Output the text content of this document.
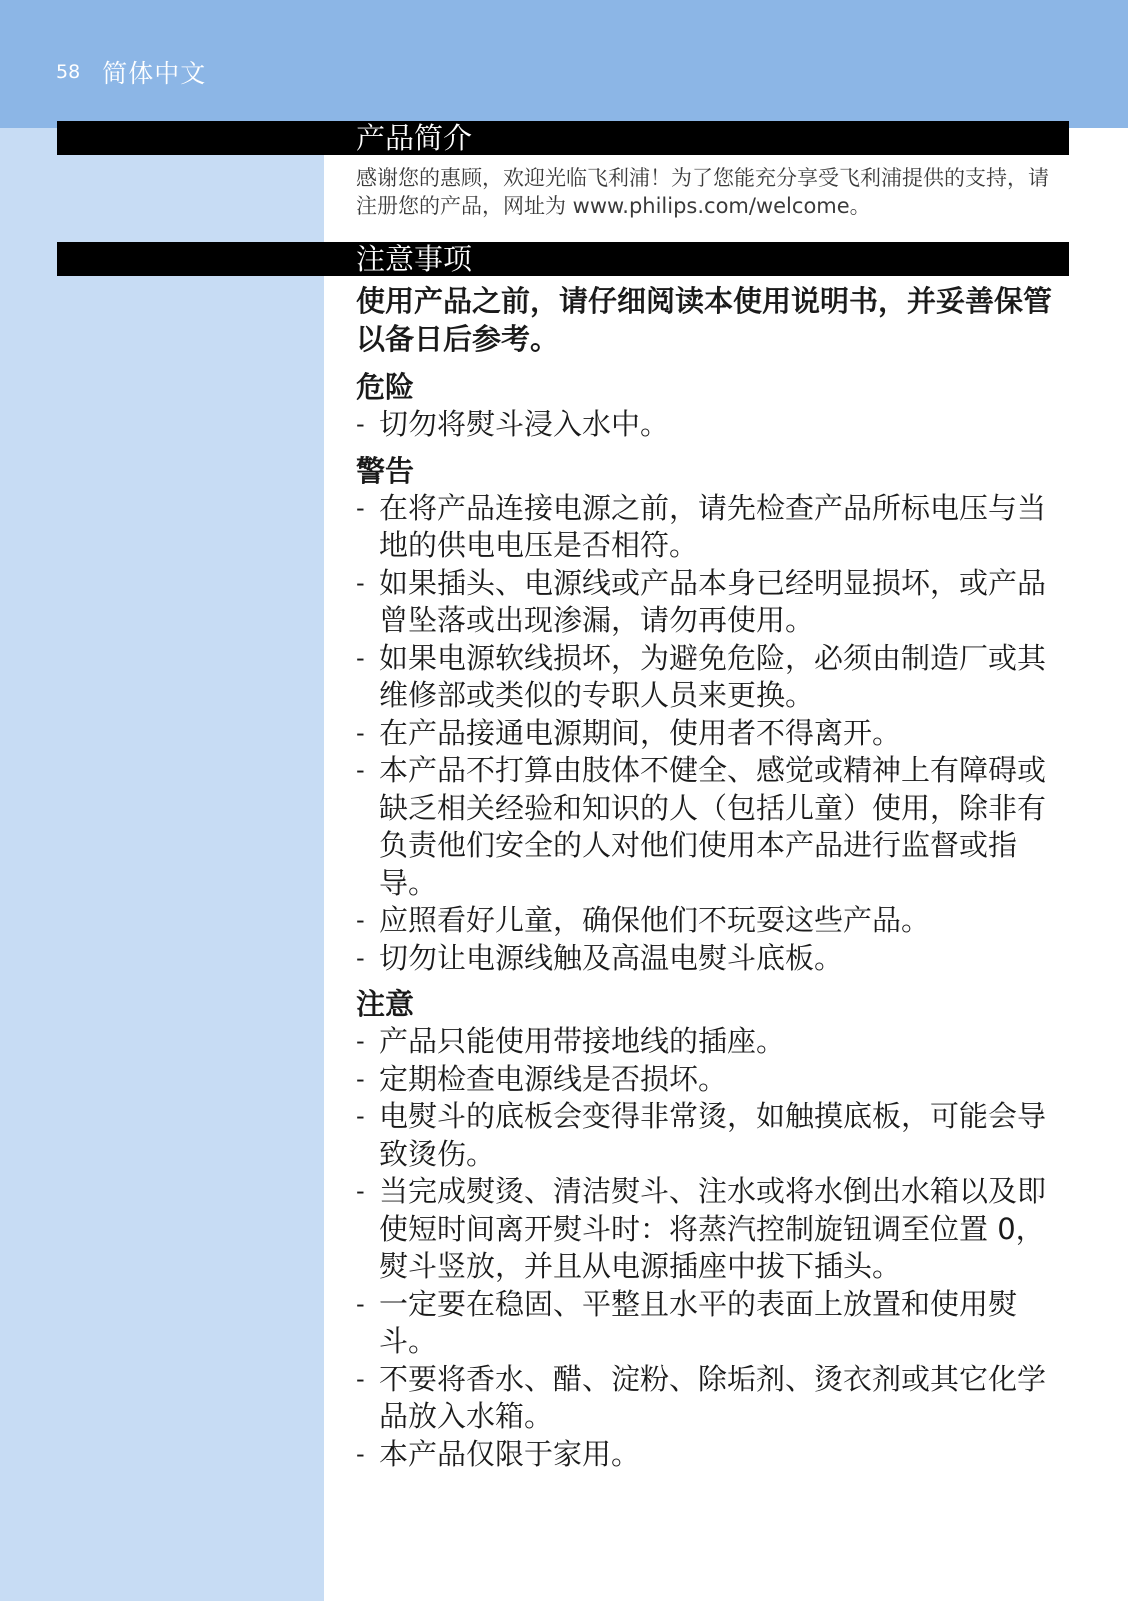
58 简体中文
产品简介
感谢您的惠顾，欢迎光临飞利浦！为了您能充分享受飞利浦提供的支持，请注册您的产品，网址为 www.philips.com/welcome。
注意事项

使用产品之前，请仔细阅读本使用说明书，并妥善保管以备日后参考。

危险

- 切勿将熨斗浸入水中。

警告

- 在将产品连接电源之前，请先检查产品所标电压与当地的供电电压是否相符。
- 如果插头、电源线或产品本身已经明显损坏，或产品曾坠落或出现渗漏，请勿再使用。
- 如果电源软线损坏，为避免危险，必须由制造厂或其维修部或类似的专职人员来更换。
- 在产品接通电源期间，使用者不得离开。
- 本产品不打算由肢体不健全、感觉或精神上有障碍或缺乏相关经验和知识的人（包括儿童）使用，除非有负责他们安全的人对他们使用本产品进行监督或指导。
- 应照看好儿童，确保他们不玩耍这些产品。
- 切勿让电源线触及高温电熨斗底板。

注意

- 产品只能使用带接地线的插座。
- 定期检查电源线是否损坏。
- 电熨斗的底板会变得非常烫，如触摸底板，可能会导致烫伤。
- 当完成熨烫、清洁熨斗、注水或将水倒出水箱以及即使短时间离开熨斗时：将蒸汽控制旋钮调至位置 0，熨斗竖放，并且从电源插座中拔下插头。
- 一定要在稳固、平整且水平的表面上放置和使用熨斗。
- 不要将香水、醋、淀粉、除垢剂、烫衣剂或其它化学品放入水箱。
- 本产品仅限于家用。
